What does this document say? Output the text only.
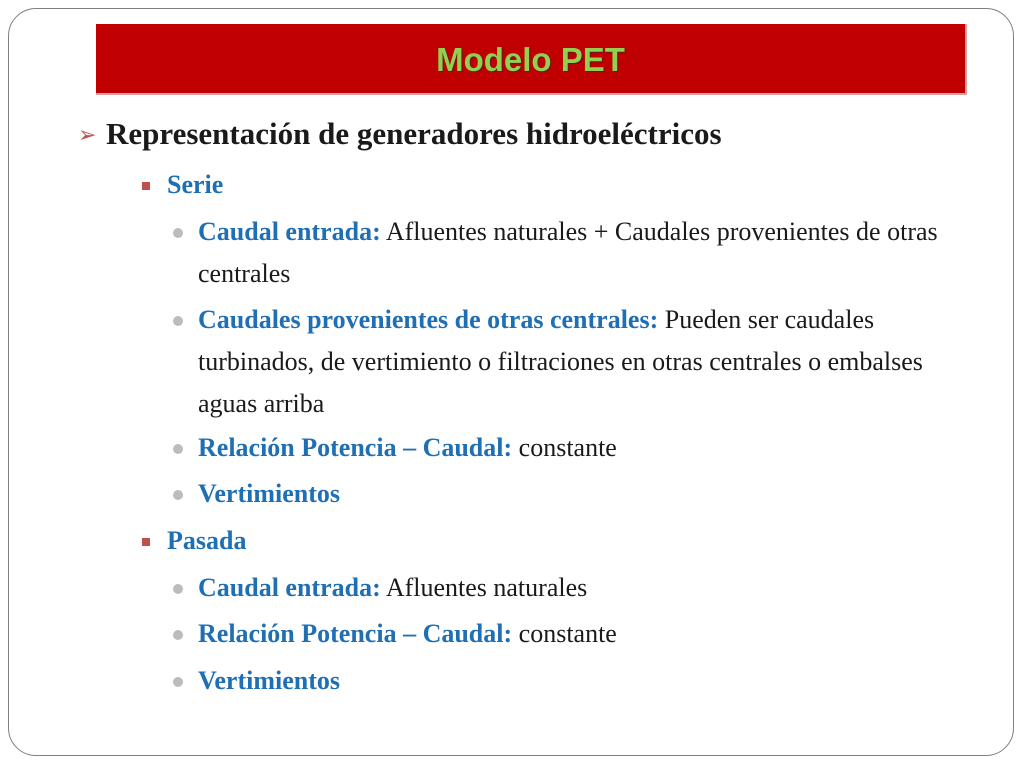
Modelo PET
➢ Representación de generadores hidroeléctricos
Serie
Caudal entrada: Afluentes naturales + Caudales provenientes de otras centrales
Caudales provenientes de otras centrales: Pueden ser caudales turbinados, de vertimiento o filtraciones en otras centrales o embalses aguas arriba
Relación Potencia – Caudal: constante
Vertimientos
Pasada
Caudal entrada: Afluentes naturales
Relación Potencia – Caudal: constante
Vertimientos
